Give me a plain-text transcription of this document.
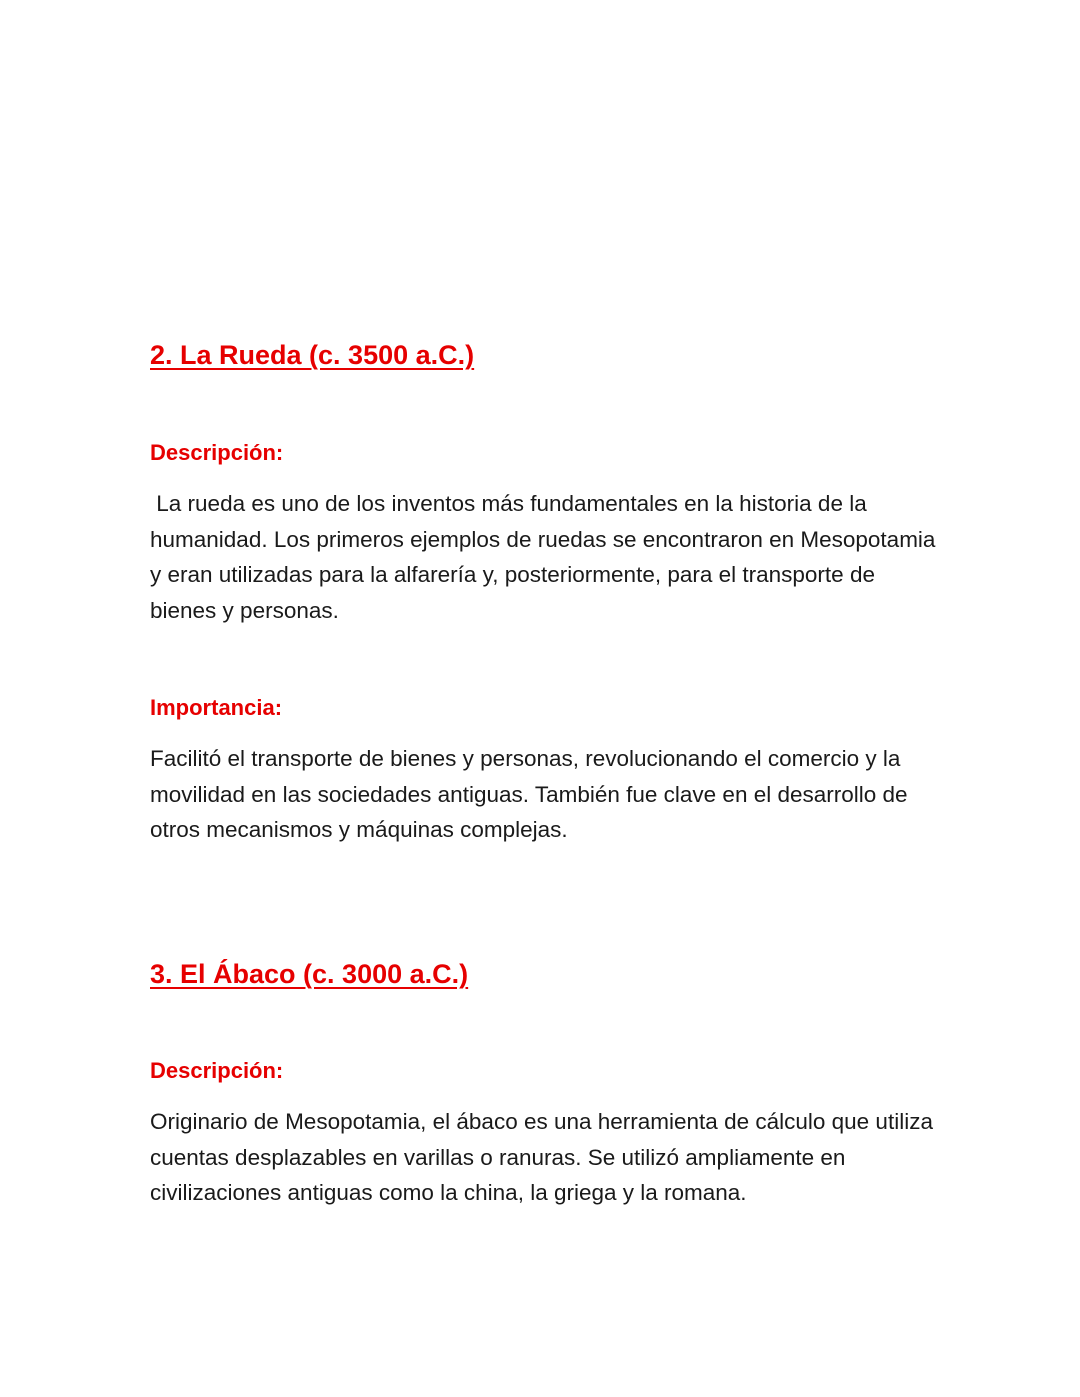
2. La Rueda (c. 3500 a.C.)

Descripción:

La rueda es uno de los inventos más fundamentales en la historia de la humanidad. Los primeros ejemplos de ruedas se encontraron en Mesopotamia y eran utilizadas para la alfarería y, posteriormente, para el transporte de bienes y personas.

Importancia:

Facilitó el transporte de bienes y personas, revolucionando el comercio y la movilidad en las sociedades antiguas. También fue clave en el desarrollo de otros mecanismos y máquinas complejas.

3. El Ábaco (c. 3000 a.C.)

Descripción:

Originario de Mesopotamia, el ábaco es una herramienta de cálculo que utiliza cuentas desplazables en varillas o ranuras. Se utilizó ampliamente en civilizaciones antiguas como la china, la griega y la romana.
